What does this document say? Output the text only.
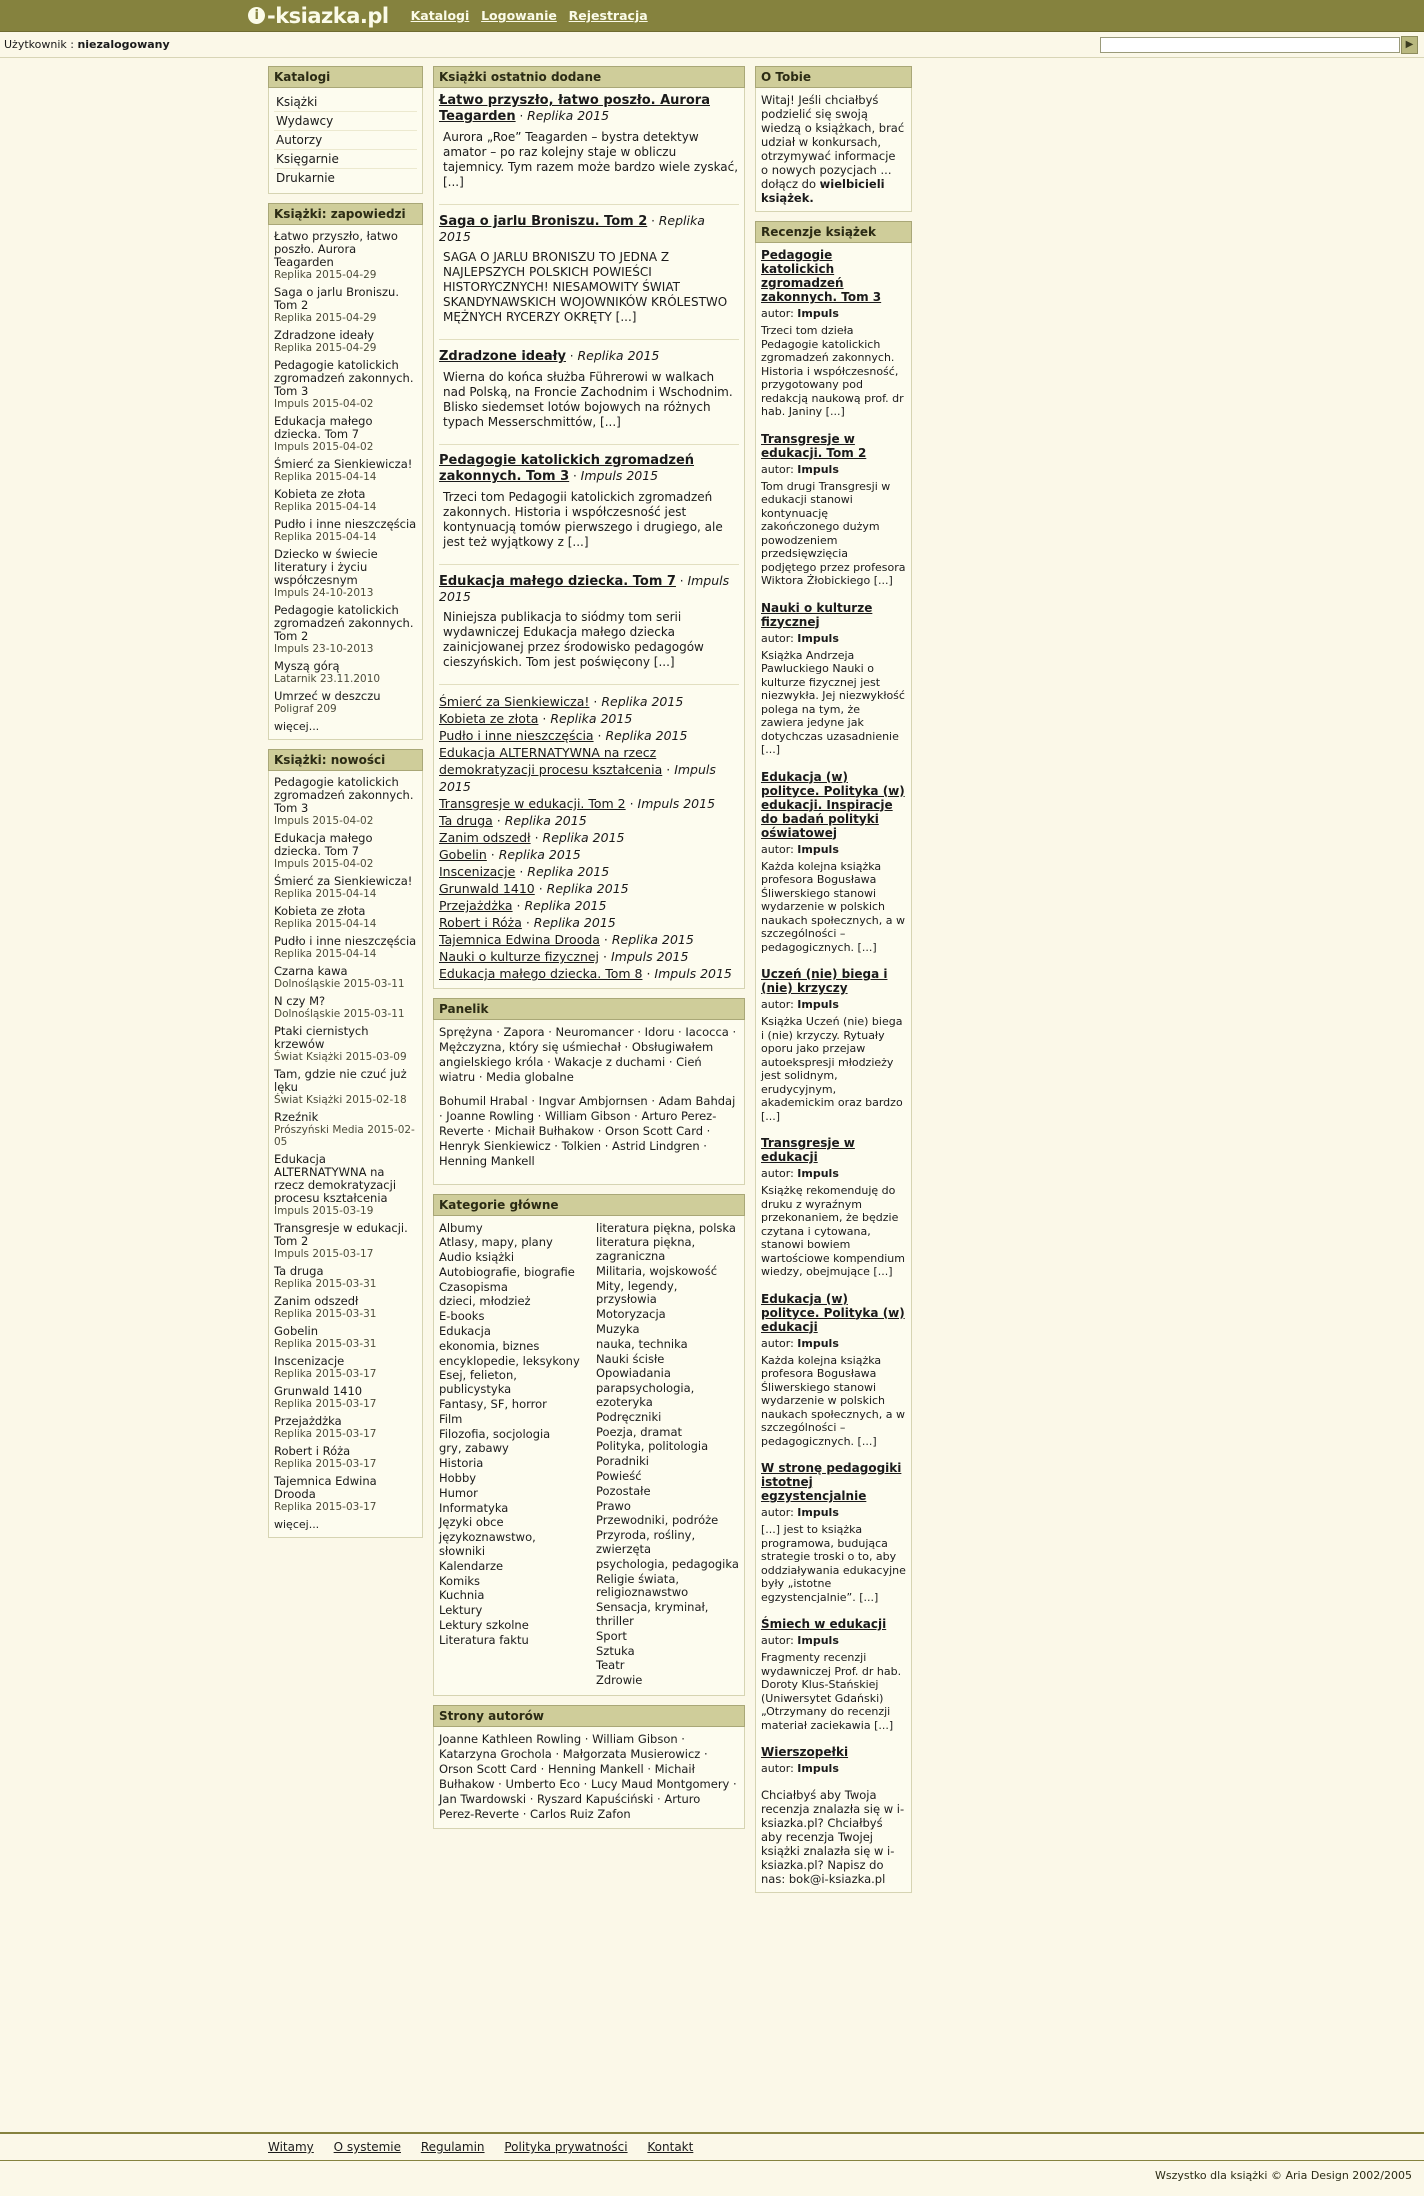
i -ksiazka.pl Katalogi Logowanie Rejestracja
Użytkownik : niezalogowany	▶
Katalogi
Książki
Wydawcy
Autorzy
Księgarnie
Drukarnie
Książki: zapowiedzi
Łatwo przyszło, łatwo poszło. Aurora Teagarden
Replika 2015-04-29
Saga o jarlu Broniszu. Tom 2
Replika 2015-04-29
Zdradzone ideały
Replika 2015-04-29
Pedagogie katolickich zgromadzeń zakonnych. Tom 3
Impuls 2015-04-02
Edukacja małego dziecka. Tom 7
Impuls 2015-04-02
Śmierć za Sienkiewicza!
Replika 2015-04-14
Kobieta ze złota
Replika 2015-04-14
Pudło i inne nieszczęścia
Replika 2015-04-14
Dziecko w świecie literatury i życiu współczesnym
Impuls 24-10-2013
Pedagogie katolickich zgromadzeń zakonnych. Tom 2
Impuls 23-10-2013
Myszą górą
Latarnik 23.11.2010
Umrzeć w deszczu
Poligraf 209
więcej...
Książki: nowości
Pedagogie katolickich zgromadzeń zakonnych. Tom 3
Impuls 2015-04-02
Edukacja małego dziecka. Tom 7
Impuls 2015-04-02
Śmierć za Sienkiewicza!
Replika 2015-04-14
Kobieta ze złota
Replika 2015-04-14
Pudło i inne nieszczęścia
Replika 2015-04-14
Czarna kawa
Dolnośląskie 2015-03-11
N czy M?
Dolnośląskie 2015-03-11
Ptaki ciernistych krzewów
Świat Książki 2015-03-09
Tam, gdzie nie czuć już lęku
Świat Książki 2015-02-18
Rzeźnik
Prószyński Media 2015-02-05
Edukacja ALTERNATYWNA na rzecz demokratyzacji procesu kształcenia
Impuls 2015-03-19
Transgresje w edukacji. Tom 2
Impuls 2015-03-17
Ta druga
Replika 2015-03-31
Zanim odszedł
Replika 2015-03-31
Gobelin
Replika 2015-03-31
Inscenizacje
Replika 2015-03-17
Grunwald 1410
Replika 2015-03-17
Przejażdżka
Replika 2015-03-17
Robert i Róża
Replika 2015-03-17
Tajemnica Edwina Drooda
Replika 2015-03-17
więcej...
Książki ostatnio dodane
Łatwo przyszło, łatwo poszło. Aurora Teagarden · Replika 2015
Aurora „Roe” Teagarden – bystra detektyw amator – po raz kolejny staje w obliczu tajemnicy. Tym razem może bardzo wiele zyskać, [...]
Saga o jarlu Broniszu. Tom 2 · Replika 2015
SAGA O JARLU BRONISZU TO JEDNA Z NAJLEPSZYCH POLSKICH POWIEŚCI HISTORYCZNYCH! NIESAMOWITY ŚWIAT SKANDYNAWSKICH WOJOWNIKÓW KRÓLESTWO MĘŻNYCH RYCERZY OKRĘTY [...]
Zdradzone ideały · Replika 2015
Wierna do końca służba Führerowi w walkach nad Polską, na Froncie Zachodnim i Wschodnim. Blisko siedemset lotów bojowych na różnych typach Messerschmittów, [...]
Pedagogie katolickich zgromadzeń zakonnych. Tom 3 · Impuls 2015
Trzeci tom Pedagogii katolickich zgromadzeń zakonnych. Historia i współczesność jest kontynuacją tomów pierwszego i drugiego, ale jest też wyjątkowy z [...]
Edukacja małego dziecka. Tom 7 · Impuls 2015
Niniejsza publikacja to siódmy tom serii wydawniczej Edukacja małego dziecka zainicjowanej przez środowisko pedagogów cieszyńskich. Tom jest poświęcony [...]
Śmierć za Sienkiewicza! · Replika 2015
Kobieta ze złota · Replika 2015
Pudło i inne nieszczęścia · Replika 2015
Edukacja ALTERNATYWNA na rzecz demokratyzacji procesu kształcenia · Impuls 2015
Transgresje w edukacji. Tom 2 · Impuls 2015
Ta druga · Replika 2015
Zanim odszedł · Replika 2015
Gobelin · Replika 2015
Inscenizacje · Replika 2015
Grunwald 1410 · Replika 2015
Przejażdżka · Replika 2015
Robert i Róża · Replika 2015
Tajemnica Edwina Drooda · Replika 2015
Nauki o kulturze fizycznej · Impuls 2015
Edukacja małego dziecka. Tom 8 · Impuls 2015
Panelik
Sprężyna · Zapora · Neuromancer · Idoru · Iacocca · Mężczyzna, który się uśmiechał · Obsługiwałem angielskiego króla · Wakacje z duchami · Cień wiatru · Media globalne
Bohumil Hrabal · Ingvar Ambjornsen · Adam Bahdaj · Joanne Rowling · William Gibson · Arturo Perez-Reverte · Michaił Bułhakow · Orson Scott Card · Henryk Sienkiewicz · Tolkien · Astrid Lindgren · Henning Mankell
Kategorie główne
Albumy
Atlasy, mapy, plany
Audio książki
Autobiografie, biografie
Czasopisma
dzieci, młodzież
E-books
Edukacja
ekonomia, biznes
encyklopedie, leksykony
Esej, felieton, publicystyka
Fantasy, SF, horror
Film
Filozofia, socjologia
gry, zabawy
Historia
Hobby
Humor
Informatyka
Języki obce
językoznawstwo, słowniki
Kalendarze
Komiks
Kuchnia
Lektury
Lektury szkolne
Literatura faktu
literatura piękna, polska
literatura piękna, zagraniczna
Militaria, wojskowość
Mity, legendy, przysłowia
Motoryzacja
Muzyka
nauka, technika
Nauki ścisłe
Opowiadania
parapsychologia, ezoteryka
Podręczniki
Poezja, dramat
Polityka, politologia
Poradniki
Powieść
Pozostałe
Prawo
Przewodniki, podróże
Przyroda, rośliny, zwierzęta
psychologia, pedagogika
Religie świata, religioznawstwo
Sensacja, kryminał, thriller
Sport
Sztuka
Teatr
Zdrowie
Strony autorów
Joanne Kathleen Rowling · William Gibson · Katarzyna Grochola · Małgorzata Musierowicz · Orson Scott Card · Henning Mankell · Michaił Bułhakow · Umberto Eco · Lucy Maud Montgomery · Jan Twardowski · Ryszard Kapuściński · Arturo Perez-Reverte · Carlos Ruiz Zafon
O Tobie
Witaj! Jeśli chciałbyś podzielić się swoją wiedzą o książkach, brać udział w konkursach, otrzymywać informacje o nowych pozycjach ... dołącz do wielbicieli książek.
Recenzje książek
Pedagogie katolickich zgromadzeń zakonnych. Tom 3
autor: Impuls
Trzeci tom dzieła Pedagogie katolickich zgromadzeń zakonnych. Historia i współczesność, przygotowany pod redakcją naukową prof. dr hab. Janiny [...]
Transgresje w edukacji. Tom 2
autor: Impuls
Tom drugi Transgresji w edukacji stanowi kontynuację zakończonego dużym powodzeniem przedsięwzięcia podjętego przez profesora Wiktora Żłobickiego [...]
Nauki o kulturze fizycznej
autor: Impuls
Książka Andrzeja Pawluckiego Nauki o kulturze fizycznej jest niezwykła. Jej niezwykłość polega na tym, że zawiera jedyne jak dotychczas uzasadnienie [...]
Edukacja (w) polityce. Polityka (w) edukacji. Inspiracje do badań polityki oświatowej
autor: Impuls
Każda kolejna książka profesora Bogusława Śliwerskiego stanowi wydarzenie w polskich naukach społecznych, a w szczególności – pedagogicznych. [...]
Uczeń (nie) biega i (nie) krzyczy
autor: Impuls
Książka Uczeń (nie) biega i (nie) krzyczy. Rytuały oporu jako przejaw autoekspresji młodzieży jest solidnym, erudycyjnym, akademickim oraz bardzo [...]
Transgresje w edukacji
autor: Impuls
Książkę rekomenduję do druku z wyraźnym przekonaniem, że będzie czytana i cytowana, stanowi bowiem wartościowe kompendium wiedzy, obejmujące [...]
Edukacja (w) polityce. Polityka (w) edukacji
autor: Impuls
Każda kolejna książka profesora Bogusława Śliwerskiego stanowi wydarzenie w polskich naukach społecznych, a w szczególności – pedagogicznych. [...]
W stronę pedagogiki istotnej egzystencjalnie
autor: Impuls
[...] jest to książka programowa, budująca strategie troski o to, aby oddziaływania edukacyjne były „istotne egzystencjalnie”. [...]
Śmiech w edukacji
autor: Impuls
Fragmenty recenzji wydawniczej Prof. dr hab. Doroty Klus-Stańskiej (Uniwersytet Gdański) „Otrzymany do recenzji materiał zaciekawia [...]
Wierszopełki
autor: Impuls
Chciałbyś aby Twoja recenzja znalazła się w i-ksiazka.pl? Chciałbyś aby recenzja Twojej książki znalazła się w i-ksiazka.pl? Napisz do nas: bok@i-ksiazka.pl
Witamy O systemie Regulamin Polityka prywatności Kontakt
Wszystko dla książki © Aria Design 2002/2005
